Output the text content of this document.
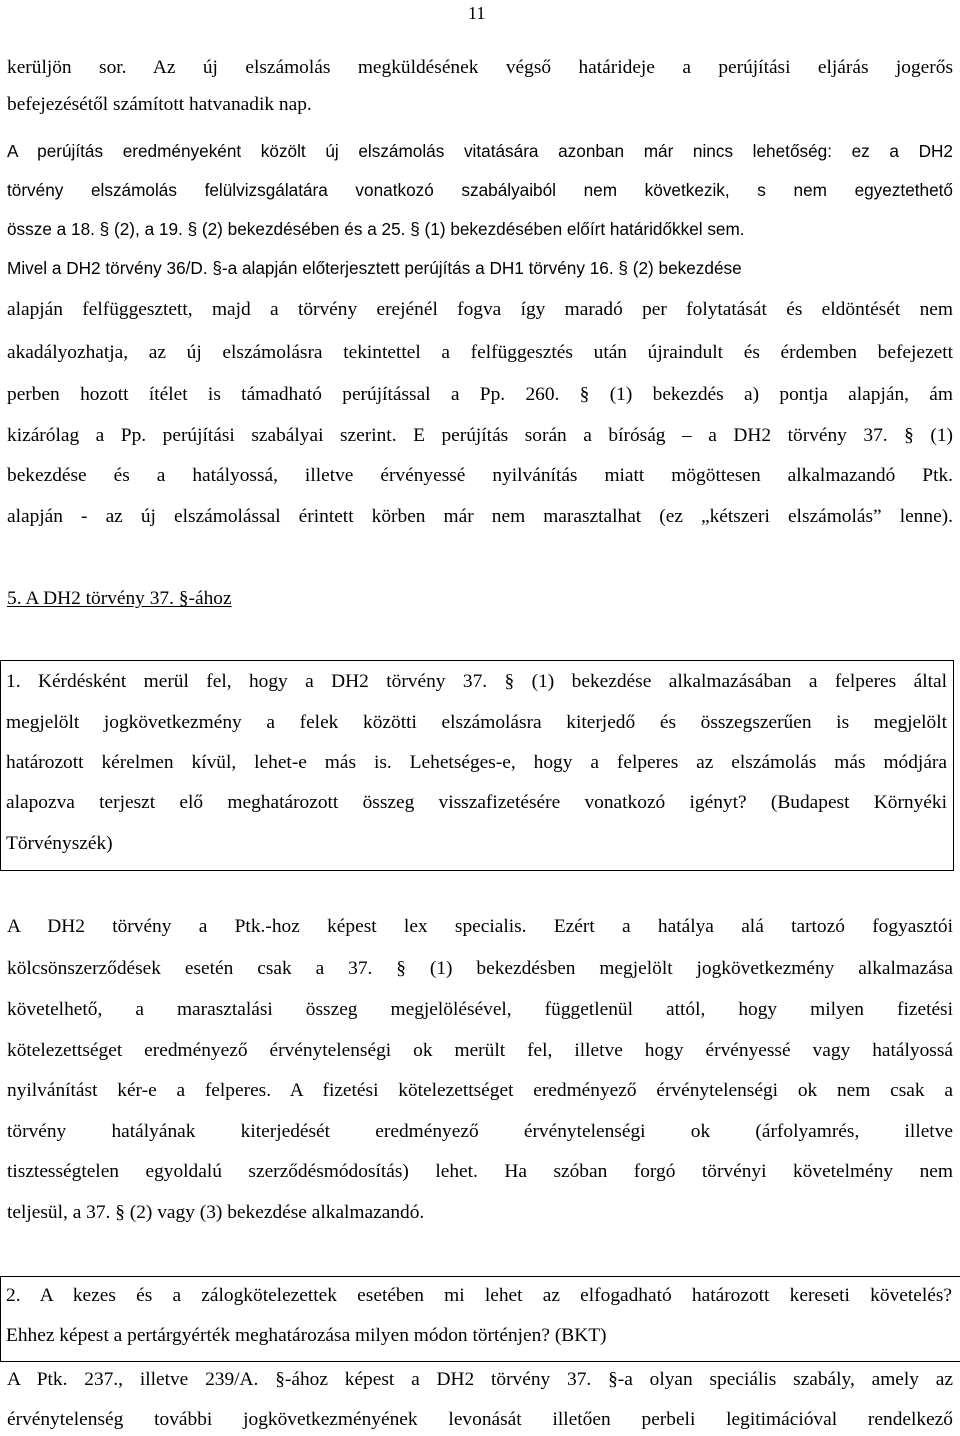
11
kerüljön sor. Az új elszámolás megküldésének végső határideje a perújítási eljárás jogerős
befejezésétől számított hatvanadik nap.
A perújítás eredményeként közölt új elszámolás vitatására azonban már nincs lehetőség: ez a DH2
törvény elszámolás felülvizsgálatára vonatkozó szabályaiból nem következik, s nem egyeztethető
össze a 18. § (2), a 19. § (2) bekezdésében és a 25. § (1) bekezdésében előírt határidőkkel sem.
Mivel a DH2 törvény 36/D. §-a alapján előterjesztett perújítás a DH1 törvény 16. § (2) bekezdése
alapján felfüggesztett, majd a törvény erejénél fogva így maradó per folytatását és eldöntését nem
akadályozhatja, az új elszámolásra tekintettel a felfüggesztés után újraindult és érdemben befejezett
perben hozott ítélet is támadható perújítással a Pp. 260. § (1) bekezdés a) pontja alapján, ám
kizárólag a Pp. perújítási szabályai szerint. E perújítás során a bíróság – a DH2 törvény 37. § (1)
bekezdése és a hatályossá, illetve érvényessé nyilvánítás miatt mögöttesen alkalmazandó Ptk.
alapján - az új elszámolással érintett körben már nem marasztalhat (ez „kétszeri elszámolás” lenne).
5. A DH2 törvény 37. §-ához
1. Kérdésként merül fel, hogy a DH2 törvény 37. § (1) bekezdése alkalmazásában a felperes által
megjelölt jogkövetkezmény a felek közötti elszámolásra kiterjedő és összegszerűen is megjelölt
határozott kérelmen kívül, lehet-e más is. Lehetséges-e, hogy a felperes az elszámolás más módjára
alapozva terjeszt elő meghatározott összeg visszafizetésére vonatkozó igényt? (Budapest Környéki
Törvényszék)
A DH2 törvény a Ptk.-hoz képest lex specialis. Ezért a hatálya alá tartozó fogyasztói
kölcsönszerződések esetén csak a 37. § (1) bekezdésben megjelölt jogkövetkezmény alkalmazása
követelhető, a marasztalási összeg megjelölésével, függetlenül attól, hogy milyen fizetési
kötelezettséget eredményező érvénytelenségi ok merült fel, illetve hogy érvényessé vagy hatályossá
nyilvánítást kér-e a felperes. A fizetési kötelezettséget eredményező érvénytelenségi ok nem csak a
törvény hatályának kiterjedését eredményező érvénytelenségi ok (árfolyamrés, illetve
tisztességtelen egyoldalú szerződésmódosítás) lehet. Ha szóban forgó törvényi követelmény nem
teljesül, a 37. § (2) vagy (3) bekezdése alkalmazandó.
2. A kezes és a zálogkötelezettek esetében mi lehet az elfogadható határozott kereseti követelés?
Ehhez képest a pertárgyérték meghatározása milyen módon történjen? (BKT)
A Ptk. 237., illetve 239/A. §-ához képest a DH2 törvény 37. §-a olyan speciális szabály, amely az
érvénytelenség további jogkövetkezményének levonását illetően perbeli legitimációval rendelkező
